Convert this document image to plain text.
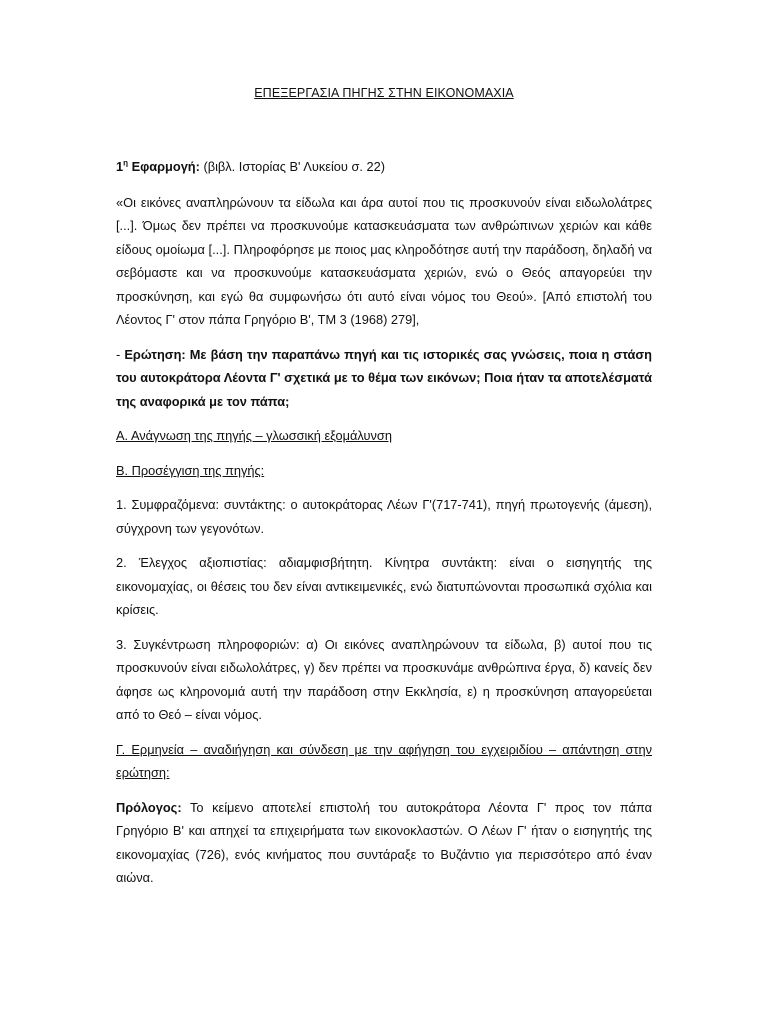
ΕΠΕΞΕΡΓΑΣΙΑ ΠΗΓΗΣ ΣΤΗΝ ΕΙΚΟΝΟΜΑΧΙΑ

$1^\eta$ Εφαρμογή: (βιβλ. Ιστορίας Β' Λυκείου σ. 22)

«Οι εικόνες αναπληρώνουν τα είδωλα και άρα αυτοί που τις προσκυνούν είναι ειδωλολάτρες [...]. Όμως δεν πρέπει να προσκυνούμε κατασκευάσματα των ανθρώπινων χεριών και κάθε είδους ομοίωμα [...]. Πληροφόρησε με ποιος μας κληροδότησε αυτή την παράδοση, δηλαδή να σεβόμαστε και να προσκυνούμε κατασκευάσματα χεριών, ενώ ο Θεός απαγορεύει την προσκύνηση, και εγώ θα συμφωνήσω ότι αυτό είναι νόμος του Θεού». [Από επιστολή του Λέοντος Γ' στον πάπα Γρηγόριο Β', ΤΜ 3 (1968) 279],

- Ερώτηση: Με βάση την παραπάνω πηγή και τις ιστορικές σας γνώσεις, ποια η στάση του αυτοκράτορα Λέοντα Γ' σχετικά με το θέμα των εικόνων; Ποια ήταν τα αποτελέσματά της αναφορικά με τον πάπα;

Α. Ανάγνωση της πηγής – γλωσσική εξομάλυνση

Β. Προσέγγιση της πηγής:

1. Συμφραζόμενα: συντάκτης: ο αυτοκράτορας Λέων Γ'(717-741), πηγή πρωτογενής (άμεση), σύγχρονη των γεγονότων.

2. Έλεγχος αξιοπιστίας: αδιαμφισβήτητη. Κίνητρα συντάκτη: είναι ο εισηγητής της εικονομαχίας, οι θέσεις του δεν είναι αντικειμενικές, ενώ διατυπώνονται προσωπικά σχόλια και κρίσεις.

3. Συγκέντρωση πληροφοριών: α) Οι εικόνες αναπληρώνουν τα είδωλα, β) αυτοί που τις προσκυνούν είναι ειδωλολάτρες, γ) δεν πρέπει να προσκυνάμε ανθρώπινα έργα, δ) κανείς δεν άφησε ως κληρονομιά αυτή την παράδοση στην Εκκλησία, ε) η προσκύνηση απαγορεύεται από το Θεό – είναι νόμος.

Γ. Ερμηνεία – αναδιήγηση και σύνδεση με την αφήγηση του εγχειριδίου – απάντηση στην ερώτηση:

Πρόλογος: Το κείμενο αποτελεί επιστολή του αυτοκράτορα Λέοντα Γ' προς τον πάπα Γρηγόριο Β' και απηχεί τα επιχειρήματα των εικονοκλαστών. Ο Λέων Γ' ήταν ο εισηγητής της εικονομαχίας (726), ενός κινήματος που συντάραξε το Βυζάντιο για περισσότερο από έναν αιώνα.
